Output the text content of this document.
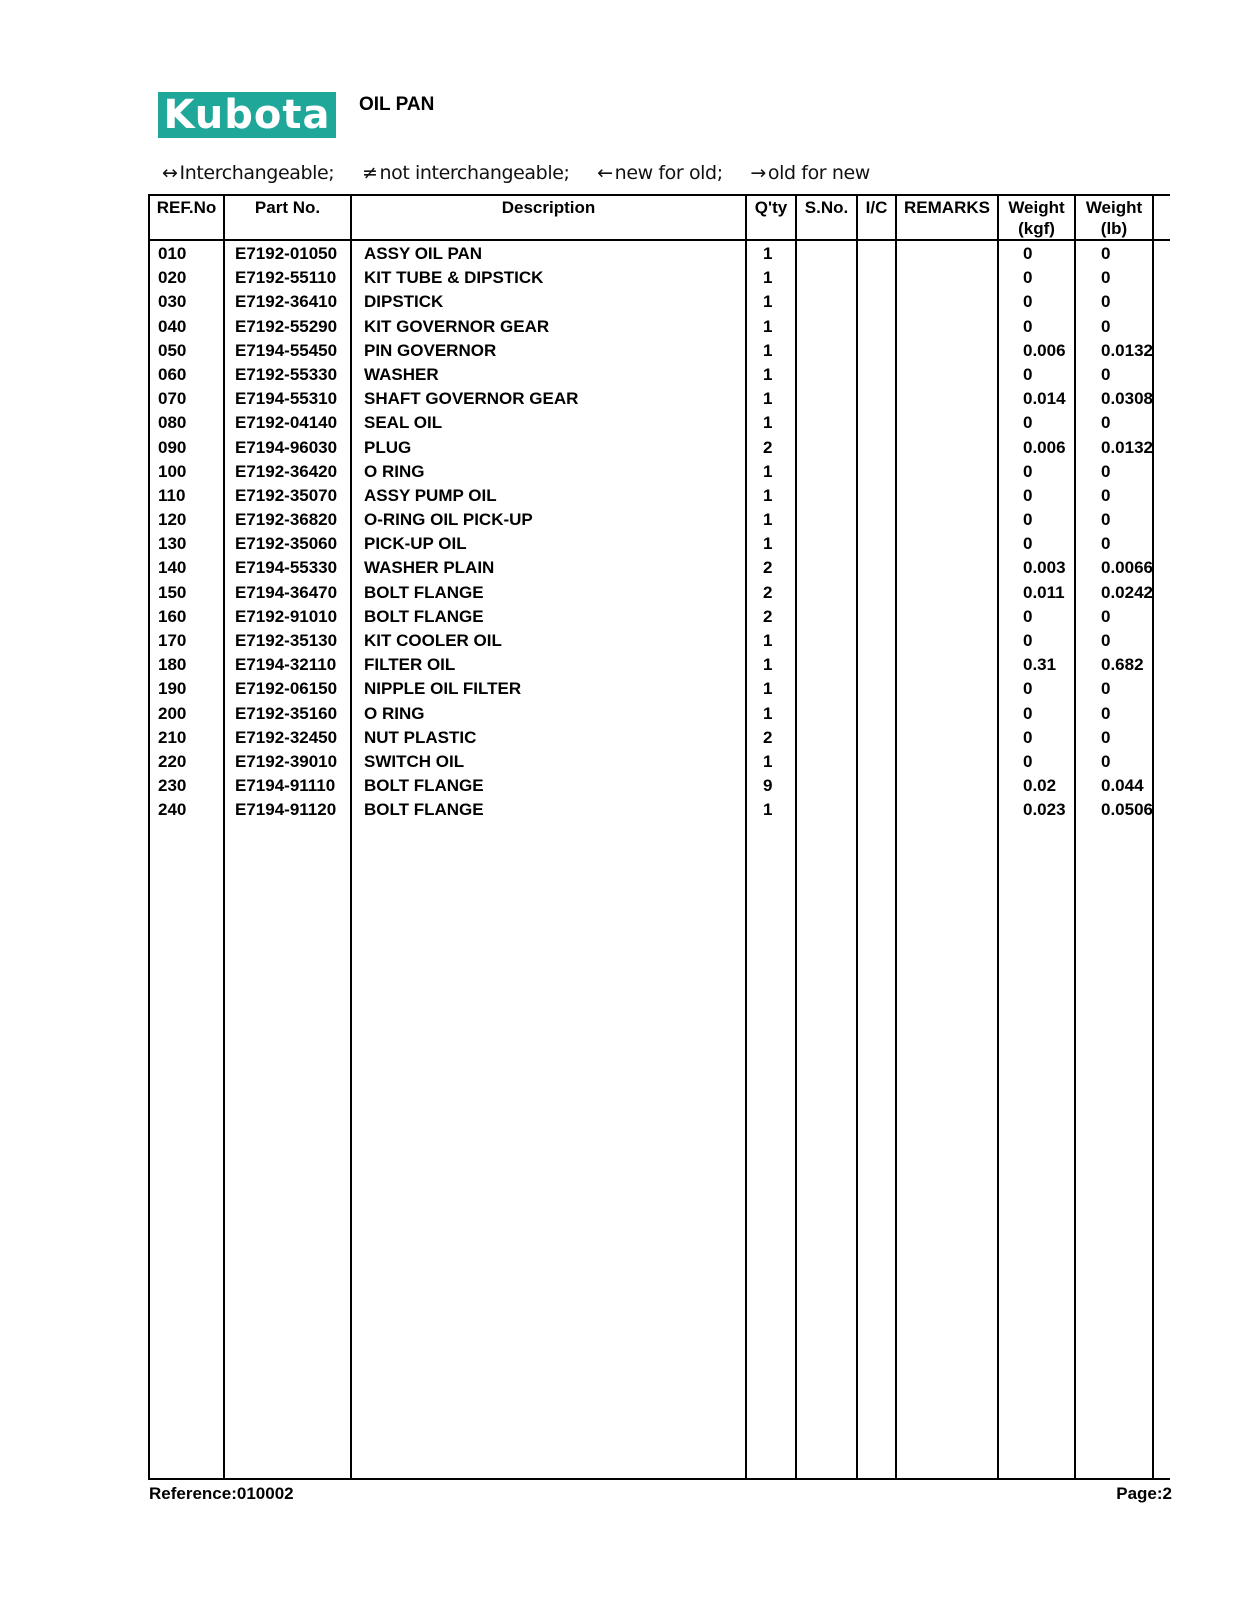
Kubota OIL PAN
↔ Interchangeable; ≠ not interchangeable; ← new for old; → old for new
REF.No	Part No.	Description	Q'ty	S.No.	I/C REMARKS	Weight
(kgf)
Weight
(lb)
010	E7192-01050 ASSY OIL PAN	1	0	0
020	E7192-55110 KIT TUBE & DIPSTICK	1	0	0
030	E7192-36410 DIPSTICK	1	0	0
040	E7192-55290 KIT GOVERNOR GEAR	1	0	0
050	E7194-55450 PIN GOVERNOR	1	0.006 0.0132
060	E7192-55330 WASHER	1	0	0
070	E7194-55310 SHAFT GOVERNOR GEAR	1	0.014 0.0308
080	E7192-04140 SEAL OIL	1	0	0
090	E7194-96030 PLUG	2	0.006 0.0132
100	E7192-36420 O RING	1	0	0
110	E7192-35070 ASSY PUMP OIL	1	0	0
120	E7192-36820 O-RING OIL PICK-UP	1	0	0
130	E7192-35060 PICK-UP OIL	1	0	0
140	E7194-55330 WASHER PLAIN	2	0.003 0.0066
150	E7194-36470 BOLT FLANGE	2	0.011 0.0242
160	E7192-91010 BOLT FLANGE	2	0	0
170	E7192-35130 KIT COOLER OIL	1	0	0
180	E7194-32110 FILTER OIL	1	0.31	0.682
190	E7192-06150 NIPPLE OIL FILTER	1	0	0
200	E7192-35160 O RING	1	0	0
210	E7192-32450 NUT PLASTIC	2	0	0
220	E7192-39010 SWITCH OIL	1	0	0
230	E7194-91110 BOLT FLANGE	9	0.02	0.044
240	E7194-91120 BOLT FLANGE	1	0.023 0.0506
Reference:010002	Page:2
